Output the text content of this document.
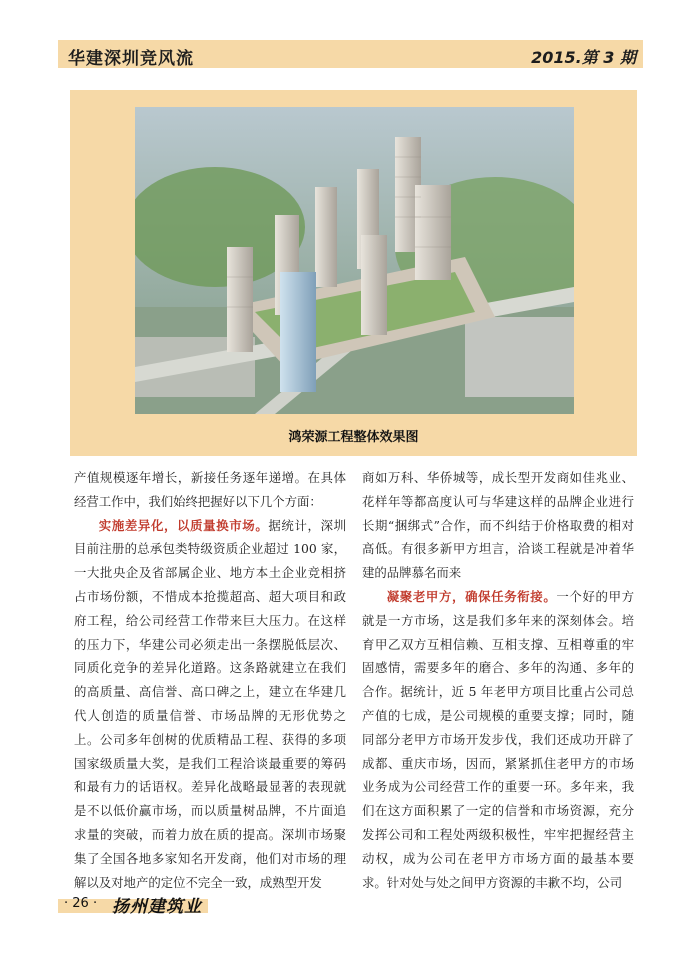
华建深圳竞风流	2015.第 3 期
鸿荣源工程整体效果图

产值规模逐年增长，新接任务逐年递增。在具体经营工作中，我们始终把握好以下几个方面：

实施差异化，以质量换市场。据统计，深圳目前注册的总承包类特级资质企业超过 100 家，一大批央企及省部属企业、地方本土企业竞相挤占市场份额，不惜成本抢揽超高、超大项目和政府工程，给公司经营工作带来巨大压力。在这样的压力下，华建公司必须走出一条摆脱低层次、同质化竞争的差异化道路。这条路就建立在我们的高质量、高信誉、高口碑之上，建立在华建几代人创造的质量信誉、市场品牌的无形优势之上。公司多年创树的优质精品工程、获得的多项国家级质量大奖，是我们工程洽谈最重要的筹码和最有力的话语权。差异化战略最显著的表现就是不以低价赢市场，而以质量树品牌，不片面追求量的突破，而着力放在质的提高。深圳市场聚集了全国各地多家知名开发商，他们对市场的理解以及对地产的定位不完全一致，成熟型开发

商如万科、华侨城等，成长型开发商如佳兆业、花样年等都高度认可与华建这样的品牌企业进行长期“捆绑式”合作，而不纠结于价格取费的相对高低。有很多新甲方坦言，洽谈工程就是冲着华建的品牌慕名而来

凝聚老甲方，确保任务衔接。一个好的甲方就是一方市场，这是我们多年来的深刻体会。培育甲乙双方互相信赖、互相支撑、互相尊重的牢固感情，需要多年的磨合、多年的沟通、多年的合作。据统计，近 5 年老甲方项目比重占公司总产值的七成，是公司规模的重要支撑；同时，随同部分老甲方市场开发步伐，我们还成功开辟了成都、重庆市场，因而，紧紧抓住老甲方的市场业务成为公司经营工作的重要一环。多年来，我们在这方面积累了一定的信誉和市场资源，充分发挥公司和工程处两级积极性，牢牢把握经营主动权，成为公司在老甲方市场方面的最基本要求。针对处与处之间甲方资源的丰歉不均，公司

· 26 · 扬州建筑业
